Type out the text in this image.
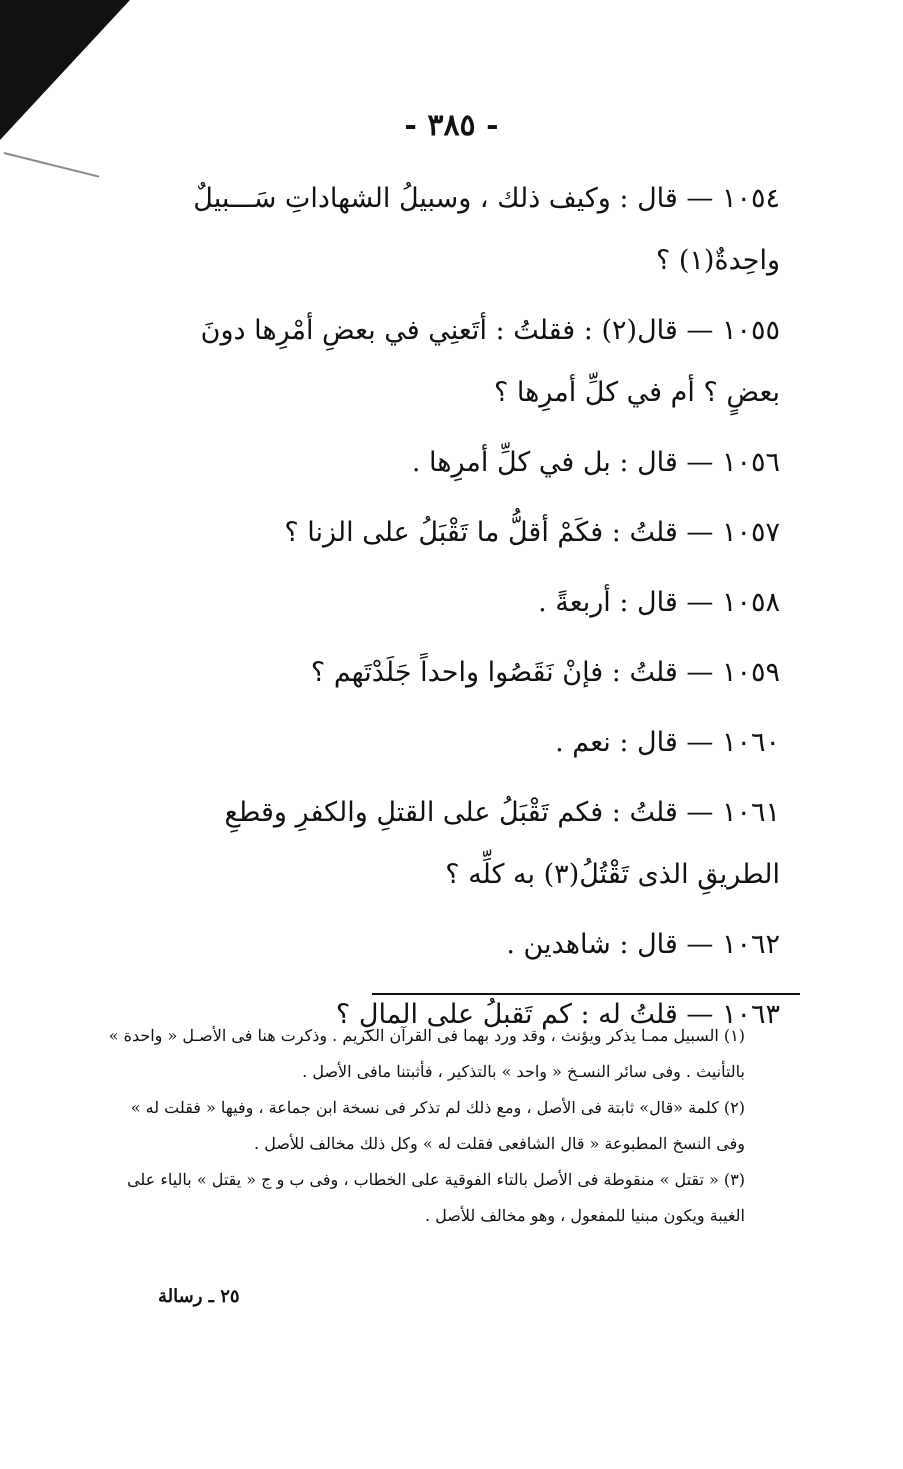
- ٣٨٥ -

١٠٥٤ — قال : وكيف ذلك ، وسبيلُ الشهاداتِ سَـــبيلٌ واحِدةٌ(١) ؟

١٠٥٥ — قال(٢) : فقلتُ : أتَعنِي في بعضِ أمْرِها دونَ بعضٍ ؟ أم في كلِّ أمرِها ؟

١٠٥٦ — قال : بل في كلِّ أمرِها .

١٠٥٧ — قلتُ : فكَمْ أقلُّ ما تَقْبَلُ على الزنا ؟

١٠٥٨ — قال : أربعةً .

١٠٥٩ — قلتُ : فإنْ نَقَصُوا واحداً جَلَدْتَهم ؟

١٠٦٠ — قال : نعم .

١٠٦١ — قلتُ : فكم تَقْبَلُ على القتلِ والكفرِ وقطعِ الطريقِ الذى تَقْتُلُ(٣) به كلِّه ؟

١٠٦٢ — قال : شاهدين .

١٠٦٣ — قلتُ له : كم تَقبلُ على المالِ ؟

(١) السبيل ممـا يذكر ويؤنث ، وقد ورد بهما فى القرآن الكريم . وذكرت هنا فى الأصـل « واحدة » بالتأنيث . وفى سائر النسـخ « واحد » بالتذكير ، فأثبتنا مافى الأصل .

(٢) كلمة «قال» ثابتة فى الأصل ، ومع ذلك لم تذكر فى نسخة ابن جماعة ، وفيها « فقلت له » وفى النسخ المطبوعة « قال الشافعى فقلت له » وكل ذلك مخالف للأصل .

(٣) « تقتل » منقوطة فى الأصل بالتاء الفوقية على الخطاب ، وفى ب و ج « يقتل » بالياء على الغيبة ويكون مبنيا للمفعول ، وهو مخالف للأصل .

٢٥ ـ رسالة
